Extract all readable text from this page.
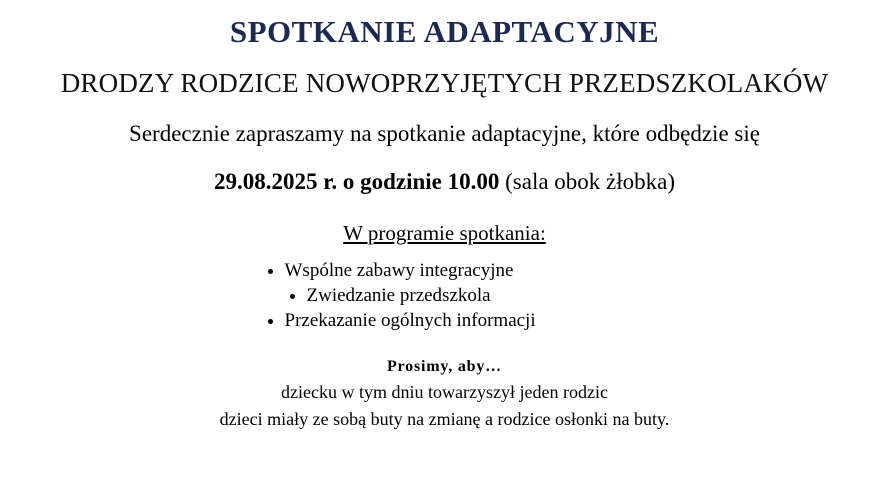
SPOTKANIE ADAPTACYJNE
DRODZY RODZICE NOWOPRZYJĘTYCH PRZEDSZKOLAKÓW
Serdecznie zapraszamy na spotkanie adaptacyjne, które odbędzie się
29.08.2025 r. o godzinie 10.00 (sala obok żłobka)
W programie spotkania:
• Wspólne zabawy integracyjne
• Zwiedzanie przedszkola
• Przekazanie ogólnych informacji
Prosimy, aby…
dziecku w tym dniu towarzyszył jeden rodzic
dzieci miały ze sobą buty na zmianę a rodzice osłonki na buty.
